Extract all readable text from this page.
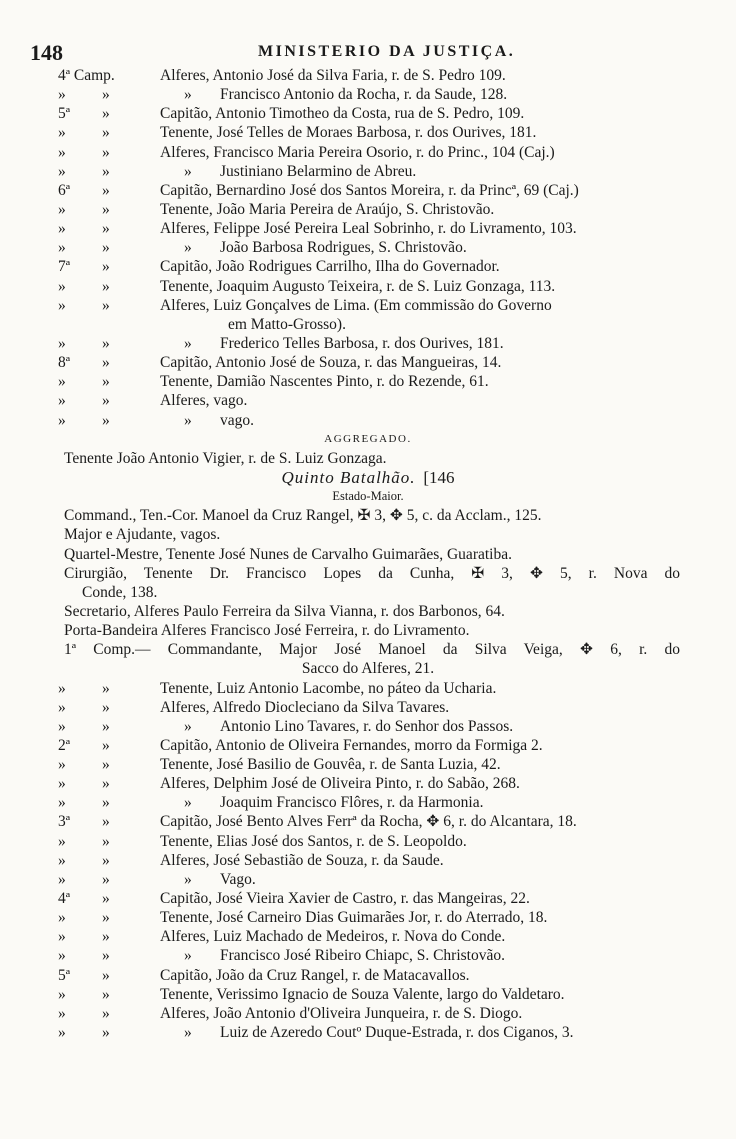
148	MINISTERIO DA JUSTIÇA.
4ª Camp.	Alferes, Antonio José da Silva Faria, r. de S. Pedro 109.
» »	» Francisco Antonio da Rocha, r. da Saude, 128.
5ª »	Capitão, Antonio Timotheo da Costa, rua de S. Pedro, 109.
» »	Tenente, José Telles de Moraes Barbosa, r. dos Ourives, 181.
» »	Alferes, Francisco Maria Pereira Osorio, r. do Princ., 104 (Caj.)
» »	» Justiniano Belarmino de Abreu.
6ª »	Capitão, Bernardino José dos Santos Moreira, r. da Princª, 69 (Caj.)
» »	Tenente, João Maria Pereira de Araújo, S. Christovão.
» »	Alferes, Felippe José Pereira Leal Sobrinho, r. do Livramento, 103.
» »	» João Barbosa Rodrigues, S. Christovão.
7ª »	Capitão, João Rodrigues Carrilho, Ilha do Governador.
» »	Tenente, Joaquim Augusto Teixeira, r. de S. Luiz Gonzaga, 113.
» »	Alferes, Luiz Gonçalves de Lima. (Em commissão do Governo
em Matto-Grosso).
» »	» Frederico Telles Barbosa, r. dos Ourives, 181.
8ª »	Capitão, Antonio José de Souza, r. das Mangueiras, 14.
» »	Tenente, Damião Nascentes Pinto, r. do Rezende, 61.
» »	Alferes, vago.
» »	» vago.
AGGREGADO.
Tenente João Antonio Vigier, r. de S. Luiz Gonzaga.
Quinto Batalhão. [146
Estado-Maior.
Command., Ten.-Cor. Manoel da Cruz Rangel, ✠ 3, ✥ 5, c. da Acclam., 125.
Major e Ajudante, vagos.
Quartel-Mestre, Tenente José Nunes de Carvalho Guimarães, Guaratiba.
Cirurgião, Tenente Dr. Francisco Lopes da Cunha, ✠ 3, ✥ 5, r. Nova do
Conde, 138.
Secretario, Alferes Paulo Ferreira da Silva Vianna, r. dos Barbonos, 64.
Porta-Bandeira Alferes Francisco José Ferreira, r. do Livramento.
1ª Comp.— Commandante, Major José Manoel da Silva Veiga, ✥ 6, r. do
Sacco do Alferes, 21.
» »	Tenente, Luiz Antonio Lacombe, no páteo da Ucharia.
» »	Alferes, Alfredo Diocleciano da Silva Tavares.
» »	» Antonio Lino Tavares, r. do Senhor dos Passos.
2ª »	Capitão, Antonio de Oliveira Fernandes, morro da Formiga 2.
» »	Tenente, José Basilio de Gouvêa, r. de Santa Luzia, 42.
» »	Alferes, Delphim José de Oliveira Pinto, r. do Sabão, 268.
» »	» Joaquim Francisco Flôres, r. da Harmonia.
3ª »	Capitão, José Bento Alves Ferrª da Rocha, ✥ 6, r. do Alcantara, 18.
» »	Tenente, Elias José dos Santos, r. de S. Leopoldo.
» »	Alferes, José Sebastião de Souza, r. da Saude.
» »	» Vago.
4ª »	Capitão, José Vieira Xavier de Castro, r. das Mangeiras, 22.
» »	Tenente, José Carneiro Dias Guimarães Jor, r. do Aterrado, 18.
» »	Alferes, Luiz Machado de Medeiros, r. Nova do Conde.
» »	» Francisco José Ribeiro Chiapc, S. Christovão.
5ª »	Capitão, João da Cruz Rangel, r. de Matacavallos.
» »	Tenente, Verissimo Ignacio de Souza Valente, largo do Valdetaro.
» »	Alferes, João Antonio d'Oliveira Junqueira, r. de S. Diogo.
» »	» Luiz de Azeredo Coutº Duque-Estrada, r. dos Ciganos, 3.
